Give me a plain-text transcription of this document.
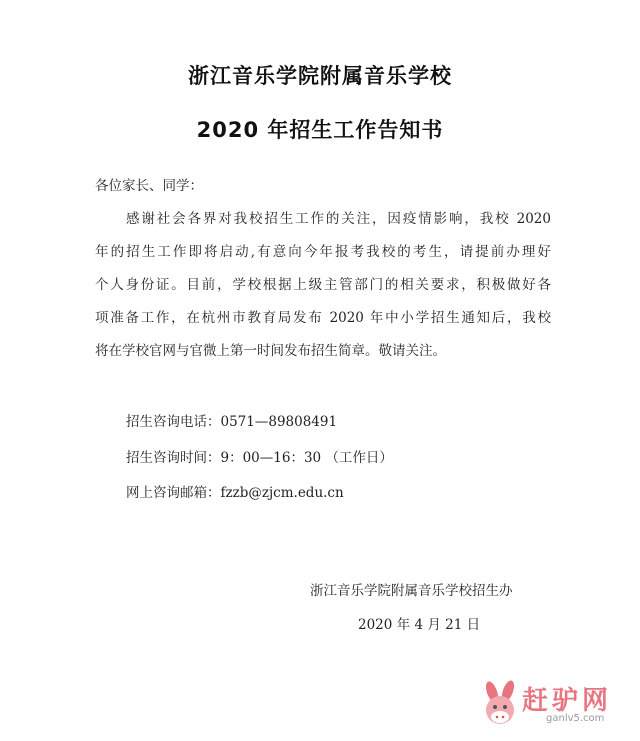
浙江音乐学院附属音乐学校
2020 年招生工作告知书
各位家长、同学：
感谢社会各界对我校招生工作的关注，因疫情影响，我校 2020
年的招生工作即将启动,有意向今年报考我校的考生，请提前办理好
个人身份证。目前，学校根据上级主管部门的相关要求，积极做好各
项准备工作，在杭州市教育局发布 2020 年中小学招生通知后，我校
将在学校官网与官微上第一时间发布招生简章。敬请关注。
招生咨询电话：0571—89808491
招生咨询时间：9：00—16：30 （工作日）
网上咨询邮箱：fzzb@zjcm.edu.cn
浙江音乐学院附属音乐学校招生办
2020 年 4 月 21 日
赶驴网
ganlv5.com
